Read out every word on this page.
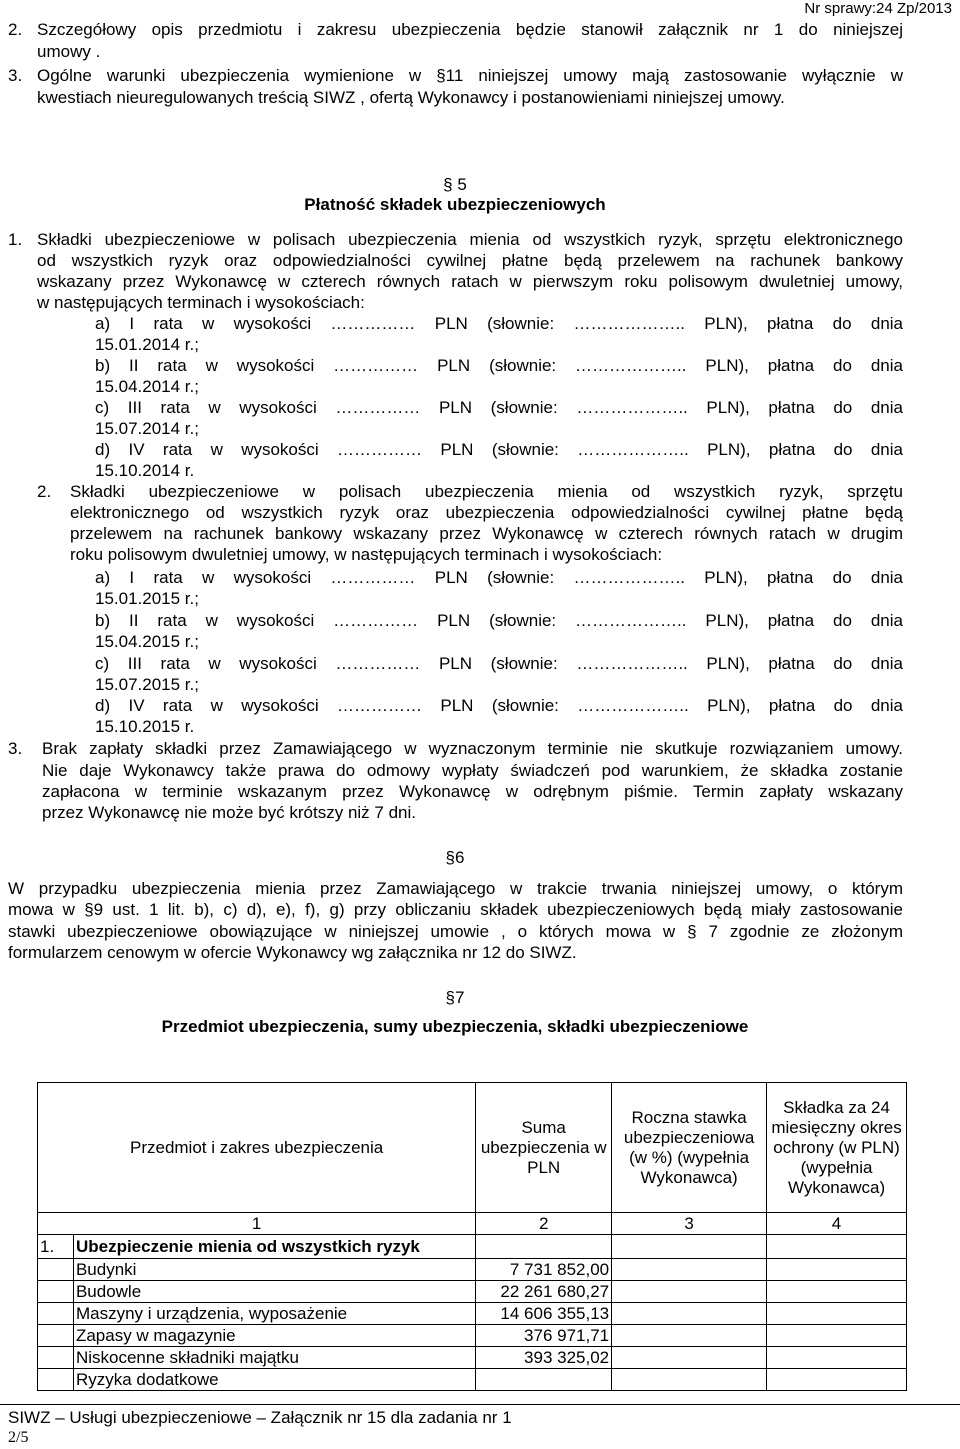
Nr sprawy:24 Zp/2013
2. Szczegółowy opis przedmiotu i zakresu ubezpieczenia będzie stanowił załącznik nr 1 do niniejszej
umowy .
3. Ogólne warunki ubezpieczenia wymienione w §11 niniejszej umowy mają zastosowanie wyłącznie w
kwestiach nieuregulowanych treścią SIWZ , ofertą Wykonawcy i postanowieniami niniejszej umowy.
§ 5
Płatność składek ubezpieczeniowych
1. Składki ubezpieczeniowe w polisach ubezpieczenia mienia od wszystkich ryzyk, sprzętu elektronicznego
od wszystkich ryzyk oraz odpowiedzialności cywilnej płatne będą przelewem na rachunek bankowy
wskazany przez Wykonawcę w czterech równych ratach w pierwszym roku polisowym dwuletniej umowy,
w następujących terminach i wysokościach:
a) I rata w wysokości …………… PLN (słownie: ……………….. PLN), płatna do dnia
15.01.2014 r.;
b) II rata w wysokości …………… PLN (słownie: ……………….. PLN), płatna do dnia
15.04.2014 r.;
c) III rata w wysokości …………… PLN (słownie: ……………….. PLN), płatna do dnia
15.07.2014 r.;
d) IV rata w wysokości …………… PLN (słownie: ……………….. PLN), płatna do dnia
15.10.2014 r.
2. Składki ubezpieczeniowe w polisach ubezpieczenia mienia od wszystkich ryzyk, sprzętu
elektronicznego od wszystkich ryzyk oraz ubezpieczenia odpowiedzialności cywilnej płatne będą
przelewem na rachunek bankowy wskazany przez Wykonawcę w czterech równych ratach w drugim
roku polisowym dwuletniej umowy, w następujących terminach i wysokościach:
a) I rata w wysokości …………… PLN (słownie: ……………….. PLN), płatna do dnia
15.01.2015 r.;
b) II rata w wysokości …………… PLN (słownie: ……………….. PLN), płatna do dnia
15.04.2015 r.;
c) III rata w wysokości …………… PLN (słownie: ……………….. PLN), płatna do dnia
15.07.2015 r.;
d) IV rata w wysokości …………… PLN (słownie: ……………….. PLN), płatna do dnia
15.10.2015 r.
3. Brak zapłaty składki przez Zamawiającego w wyznaczonym terminie nie skutkuje rozwiązaniem umowy.
Nie daje Wykonawcy także prawa do odmowy wypłaty świadczeń pod warunkiem, że składka zostanie
zapłacona w terminie wskazanym przez Wykonawcę w odrębnym piśmie. Termin zapłaty wskazany
przez Wykonawcę nie może być krótszy niż 7 dni.
§6
W przypadku ubezpieczenia mienia przez Zamawiającego w trakcie trwania niniejszej umowy, o którym
mowa w §9 ust. 1 lit. b), c) d), e), f), g) przy obliczaniu składek ubezpieczeniowych będą miały zastosowanie
stawki ubezpieczeniowe obowiązujące w niniejszej umowie , o których mowa w § 7 zgodnie ze złożonym
formularzem cenowym w ofercie Wykonawcy wg załącznika nr 12 do SIWZ.
§7
Przedmiot ubezpieczenia, sumy ubezpieczenia, składki ubezpieczeniowe
Przedmiot i zakres ubezpieczenia		Suma ubezpieczenia w PLN	Roczna stawka ubezpieczeniowa (w %) (wypełnia Wykonawca)	Składka za 24 miesięczny okres ochrony (w PLN) (wypełnia Wykonawca)
1		2	3	4
1.	Ubezpieczenie mienia od wszystkich ryzyk			
	Budynki	7 731 852,00		
	Budowle	22 261 680,27		
	Maszyny i urządzenia, wyposażenie	14 606 355,13		
	Zapasy w magazynie	376 971,71		
	Niskocenne składniki majątku	393 325,02		
	Ryzyka dodatkowe			
SIWZ – Usługi ubezpieczeniowe – Załącznik nr 15 dla zadania nr 1
2/5
